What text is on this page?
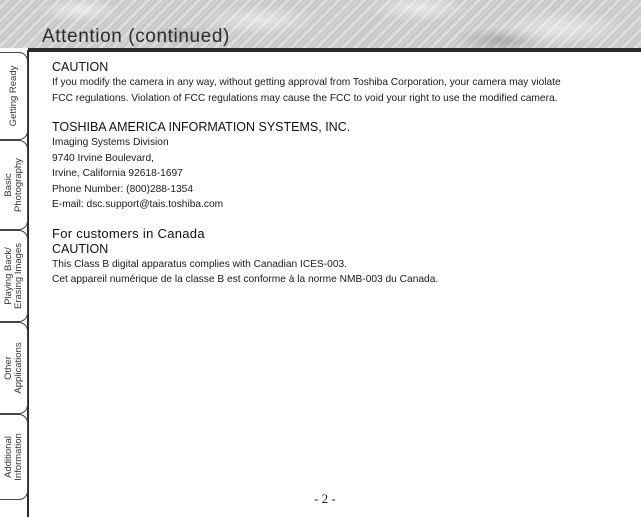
Attention (continued)
Getting Ready
Basic Photography
Playing Back/ Erasing Images
Other Applications
Additional Information

CAUTION

If you modify the camera in any way, without getting approval from Toshiba Corporation, your camera may violate
FCC regulations. Violation of FCC regulations may cause the FCC to void your right to use the modified camera.

TOSHIBA AMERICA INFORMATION SYSTEMS, INC.

Imaging Systems Division
9740 Irvine Boulevard,
Irvine, California 92618-1697
Phone Number: (800)288-1354
E-mail: dsc.support@tais.toshiba.com

For customers in Canada

CAUTION

This Class B digital apparatus complies with Canadian ICES-003.
Cet appareil numérique de la classe B est conforme à la norme NMB-003 du Canada.

- 2 -
